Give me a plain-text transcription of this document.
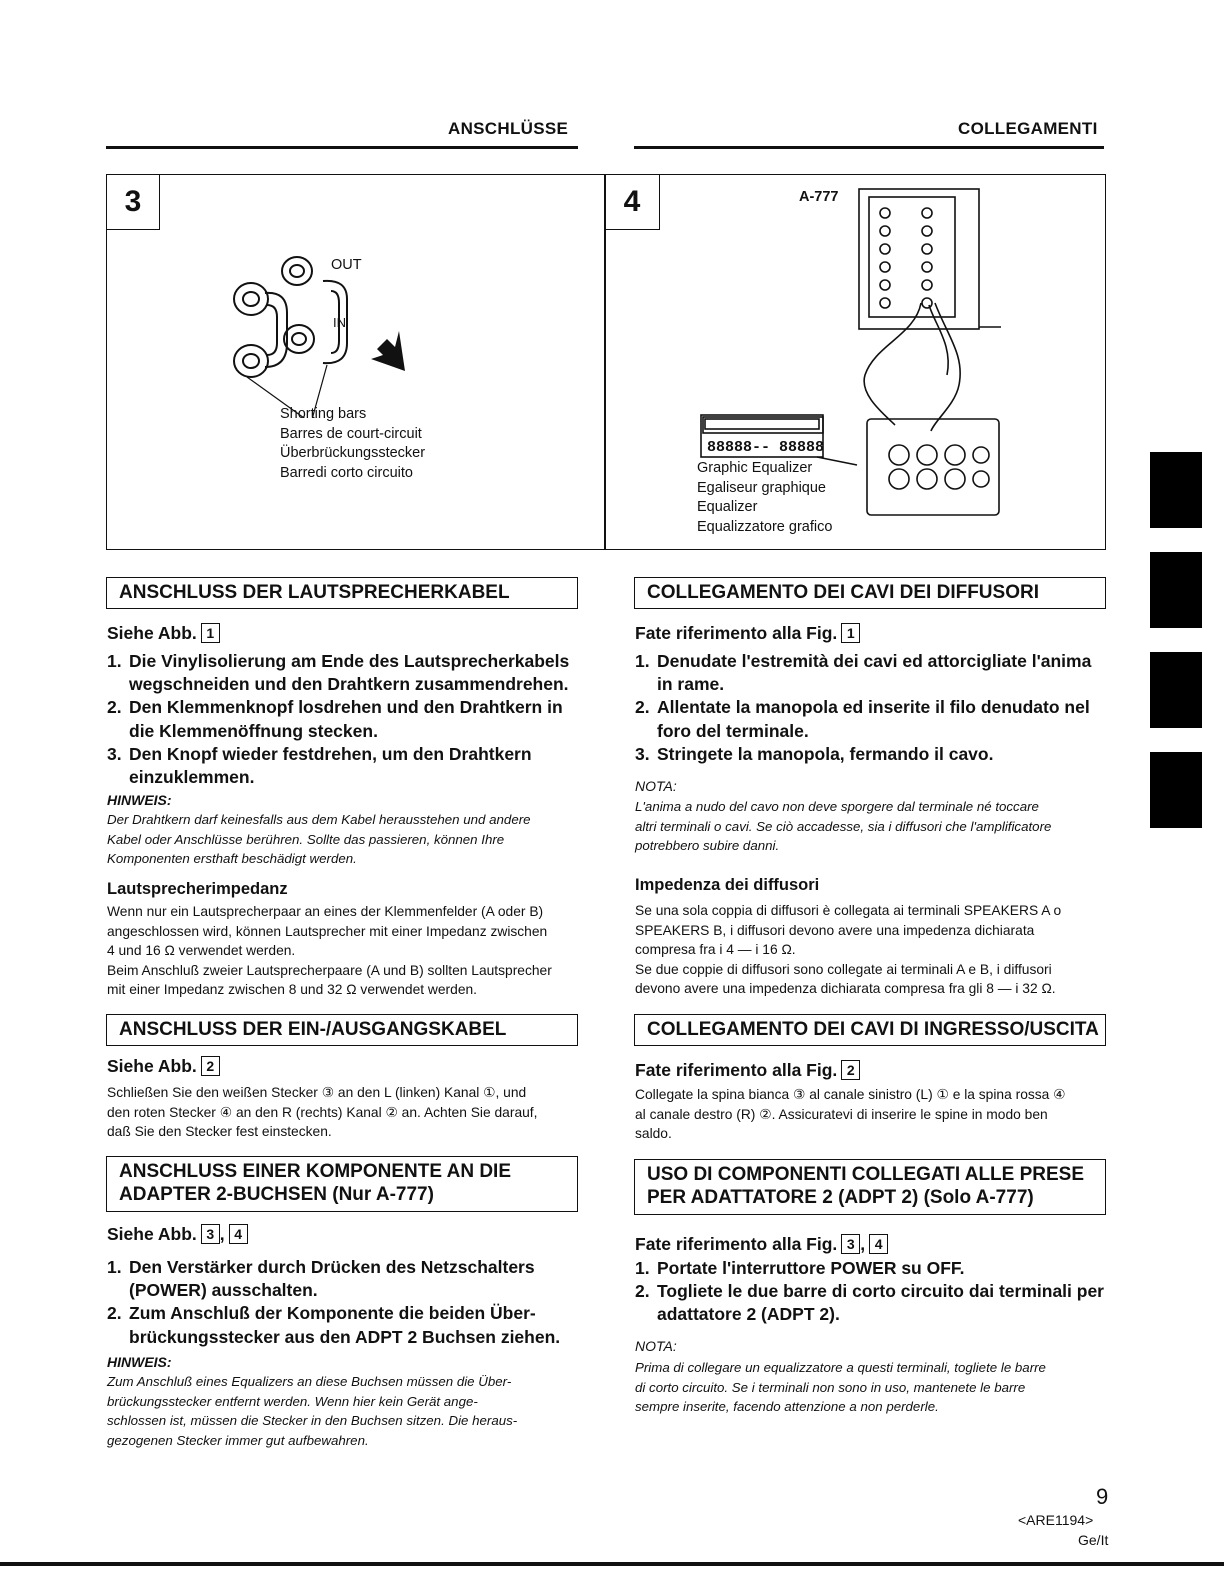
ANSCHLÜSSE	COLLEGAMENTI
3
OUT
IN
Shorting bars
Barres de court-circuit
Überbrückungsstecker
Barredi corto circuito
4	A-777
88888-- 88888
Graphic Equalizer
Egaliseur graphique
Equalizer
Equalizzatore grafico
ANSCHLUSS DER LAUTSPRECHERKABEL
Siehe Abb. 1
1. Die Vinylisolierung am Ende des Lautsprecherkabels
wegschneiden und den Drahtkern zusammendrehen.
2. Den Klemmenknopf losdrehen und den Drahtkern in
die Klemmenöffnung stecken.
3. Den Knopf wieder festdrehen, um den Drahtkern
einzuklemmen.
HINWEIS:
Der Drahtkern darf keinesfalls aus dem Kabel herausstehen und andere
Kabel oder Anschlüsse berühren. Sollte das passieren, können Ihre
Komponenten ersthaft beschädigt werden.
Lautsprecherimpedanz
Wenn nur ein Lautsprecherpaar an eines der Klemmenfelder (A oder B)
angeschlossen wird, können Lautsprecher mit einer Impedanz zwischen
4 und 16 Ω verwendet werden.
Beim Anschluß zweier Lautsprecherpaare (A und B) sollten Lautsprecher
mit einer Impedanz zwischen 8 und 32 Ω verwendet werden.
ANSCHLUSS DER EIN-/AUSGANGSKABEL
Siehe Abb. 2
Schließen Sie den weißen Stecker ③ an den L (linken) Kanal ①, und
den roten Stecker ④ an den R (rechts) Kanal ② an. Achten Sie darauf,
daß Sie den Stecker fest einstecken.
ANSCHLUSS EINER KOMPONENTE AN DIE
ADAPTER 2-BUCHSEN (Nur A-777)
Siehe Abb. 3 , 4
1. Den Verstärker durch Drücken des Netzschalters
(POWER) ausschalten.
2. Zum Anschluß der Komponente die beiden Über-
brückungsstecker aus den ADPT 2 Buchsen ziehen.
HINWEIS:
Zum Anschluß eines Equalizers an diese Buchsen müssen die Über-
brückungsstecker entfernt werden. Wenn hier kein Gerät ange-
schlossen ist, müssen die Stecker in den Buchsen sitzen. Die heraus-
gezogenen Stecker immer gut aufbewahren.
COLLEGAMENTO DEI CAVI DEI DIFFUSORI
Fate riferimento alla Fig. 1
1. Denudate l'estremità dei cavi ed attorcigliate l'anima
in rame.
2. Allentate la manopola ed inserite il filo denudato nel
foro del terminale.
3. Stringete la manopola, fermando il cavo.
NOTA:
L'anima a nudo del cavo non deve sporgere dal terminale né toccare
altri terminali o cavi. Se ciò accadesse, sia i diffusori che l'amplificatore
potrebbero subire danni.
Impedenza dei diffusori
Se una sola coppia di diffusori è collegata ai terminali SPEAKERS A o
SPEAKERS B, i diffusori devono avere una impedenza dichiarata
compresa fra i 4 — i 16 Ω.
Se due coppie di diffusori sono collegate ai terminali A e B, i diffusori
devono avere una impedenza dichiarata compresa fra gli 8 — i 32 Ω.
COLLEGAMENTO DEI CAVI DI INGRESSO/USCITA
Fate riferimento alla Fig. 2
Collegate la spina bianca ③ al canale sinistro (L) ① e la spina rossa ④
al canale destro (R) ②. Assicuratevi di inserire le spine in modo ben
saldo.
USO DI COMPONENTI COLLEGATI ALLE PRESE
PER ADATTATORE 2 (ADPT 2) (Solo A-777)
Fate riferimento alla Fig. 3 , 4
1. Portate l'interruttore POWER su OFF.
2. Togliete le due barre di corto circuito dai terminali per
adattatore 2 (ADPT 2).
NOTA:
Prima di collegare un equalizzatore a questi terminali, togliete le barre
di corto circuito. Se i terminali non sono in uso, mantenete le barre
sempre inserite, facendo attenzione a non perderle.
9
<ARE1194>
Ge/It
